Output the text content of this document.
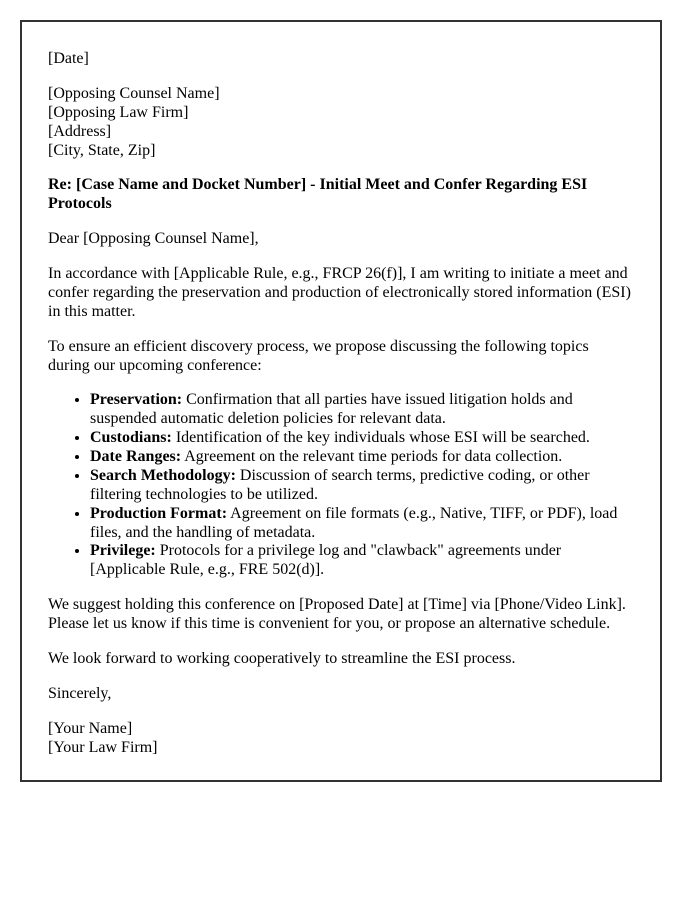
[Date]

[Opposing Counsel Name]
[Opposing Law Firm]
[Address]
[City, State, Zip]

Re: [Case Name and Docket Number] - Initial Meet and Confer Regarding ESI Protocols

Dear [Opposing Counsel Name],

In accordance with [Applicable Rule, e.g., FRCP 26(f)], I am writing to initiate a meet and confer regarding the preservation and production of electronically stored information (ESI) in this matter.

To ensure an efficient discovery process, we propose discussing the following topics during our upcoming conference:

• Preservation: Confirmation that all parties have issued litigation holds and suspended automatic deletion policies for relevant data.
• Custodians: Identification of the key individuals whose ESI will be searched.
• Date Ranges: Agreement on the relevant time periods for data collection.
• Search Methodology: Discussion of search terms, predictive coding, or other filtering technologies to be utilized.
• Production Format: Agreement on file formats (e.g., Native, TIFF, or PDF), load files, and the handling of metadata.
• Privilege: Protocols for a privilege log and "clawback" agreements under [Applicable Rule, e.g., FRE 502(d)].

We suggest holding this conference on [Proposed Date] at [Time] via [Phone/Video Link]. Please let us know if this time is convenient for you, or propose an alternative schedule.

We look forward to working cooperatively to streamline the ESI process.

Sincerely,

[Your Name]
[Your Law Firm]
